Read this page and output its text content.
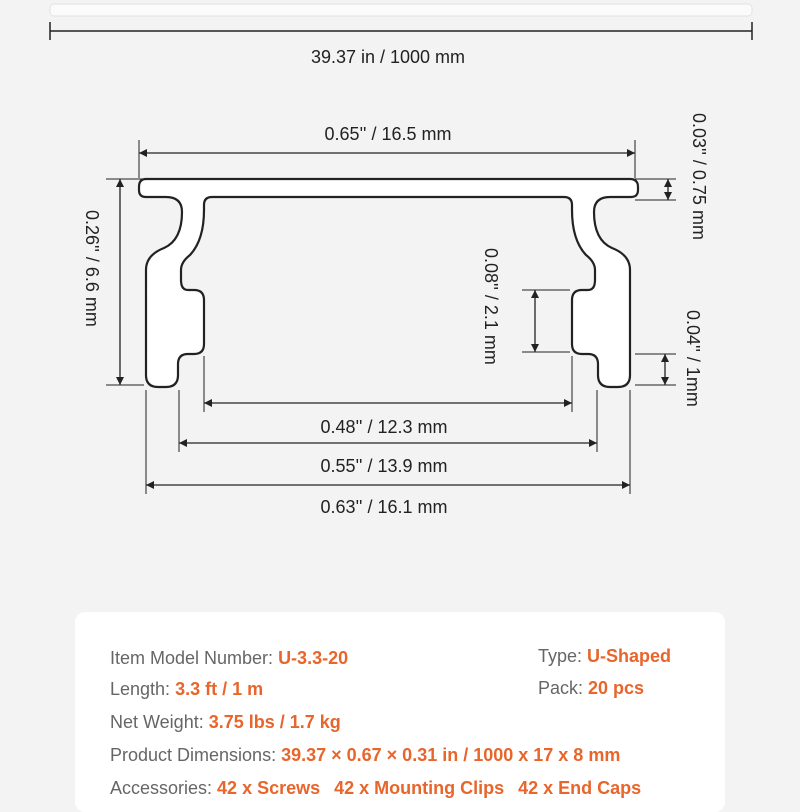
39.37 in / 1000 mm
0.65'' / 16.5 mm	0.03'' / 0.75 mm
0.26'' / 6.6 mm	0.08'' / 2.1 mm	0.04'' / 1mm
0.48'' / 12.3 mm
0.55'' / 13.9 mm
0.63'' / 16.1 mm
Item Model Number: U-3.3-20
Length: 3.3 ft / 1 m
Net Weight: 3.75 lbs / 1.7 kg
Product Dimensions: 39.37 × 0.67 × 0.31 in / 1000 x 17 x 8 mm
Accessories: 42 x Screws 42 x Mounting Clips 42 x End Caps
Type: U-Shaped
Pack: 20 pcs
